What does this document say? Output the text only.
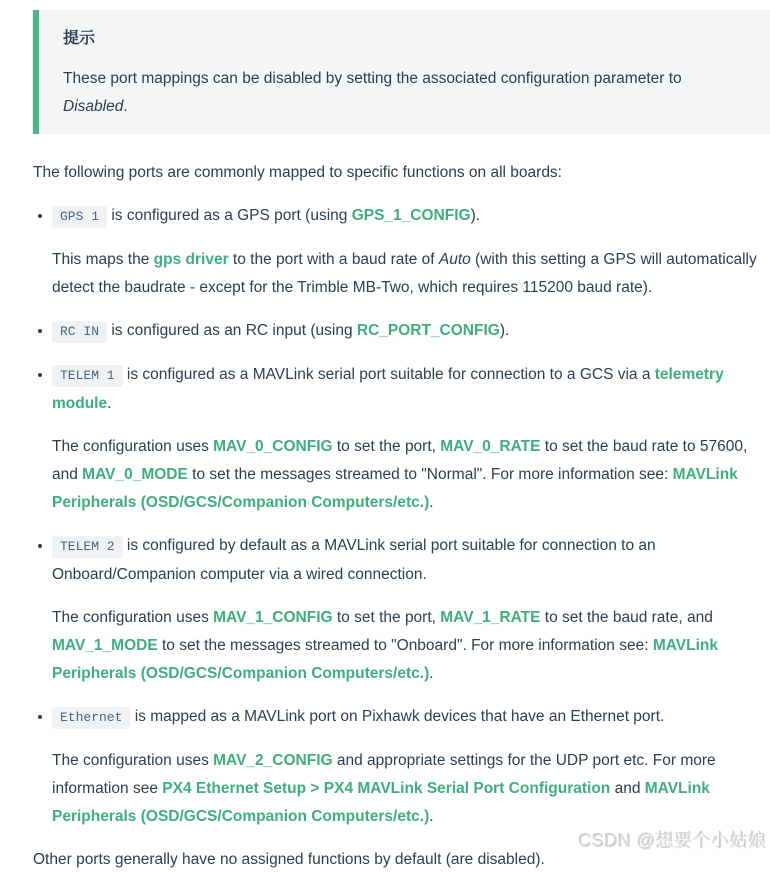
提示

These port mappings can be disabled by setting the associated configuration parameter to Disabled.

The following ports are commonly mapped to specific functions on all boards:

GPS 1 is configured as a GPS port (using GPS_1_CONFIG).

This maps the gps driver to the port with a baud rate of Auto (with this setting a GPS will automatically detect the baudrate - except for the Trimble MB-Two, which requires 115200 baud rate).

RC IN is configured as an RC input (using RC_PORT_CONFIG).

TELEM 1 is configured as a MAVLink serial port suitable for connection to a GCS via a telemetry module.

The configuration uses MAV_0_CONFIG to set the port, MAV_0_RATE to set the baud rate to 57600, and MAV_0_MODE to set the messages streamed to "Normal". For more information see: MAVLink Peripherals (OSD/GCS/Companion Computers/etc.).

TELEM 2 is configured by default as a MAVLink serial port suitable for connection to an Onboard/Companion computer via a wired connection.

The configuration uses MAV_1_CONFIG to set the port, MAV_1_RATE to set the baud rate, and MAV_1_MODE to set the messages streamed to "Onboard". For more information see: MAVLink Peripherals (OSD/GCS/Companion Computers/etc.).

Ethernet is mapped as a MAVLink port on Pixhawk devices that have an Ethernet port.

The configuration uses MAV_2_CONFIG and appropriate settings for the UDP port etc. For more information see PX4 Ethernet Setup > PX4 MAVLink Serial Port Configuration and MAVLink Peripherals (OSD/GCS/Companion Computers/etc.).

Other ports generally have no assigned functions by default (are disabled).

CSDN @想要个小姑娘
